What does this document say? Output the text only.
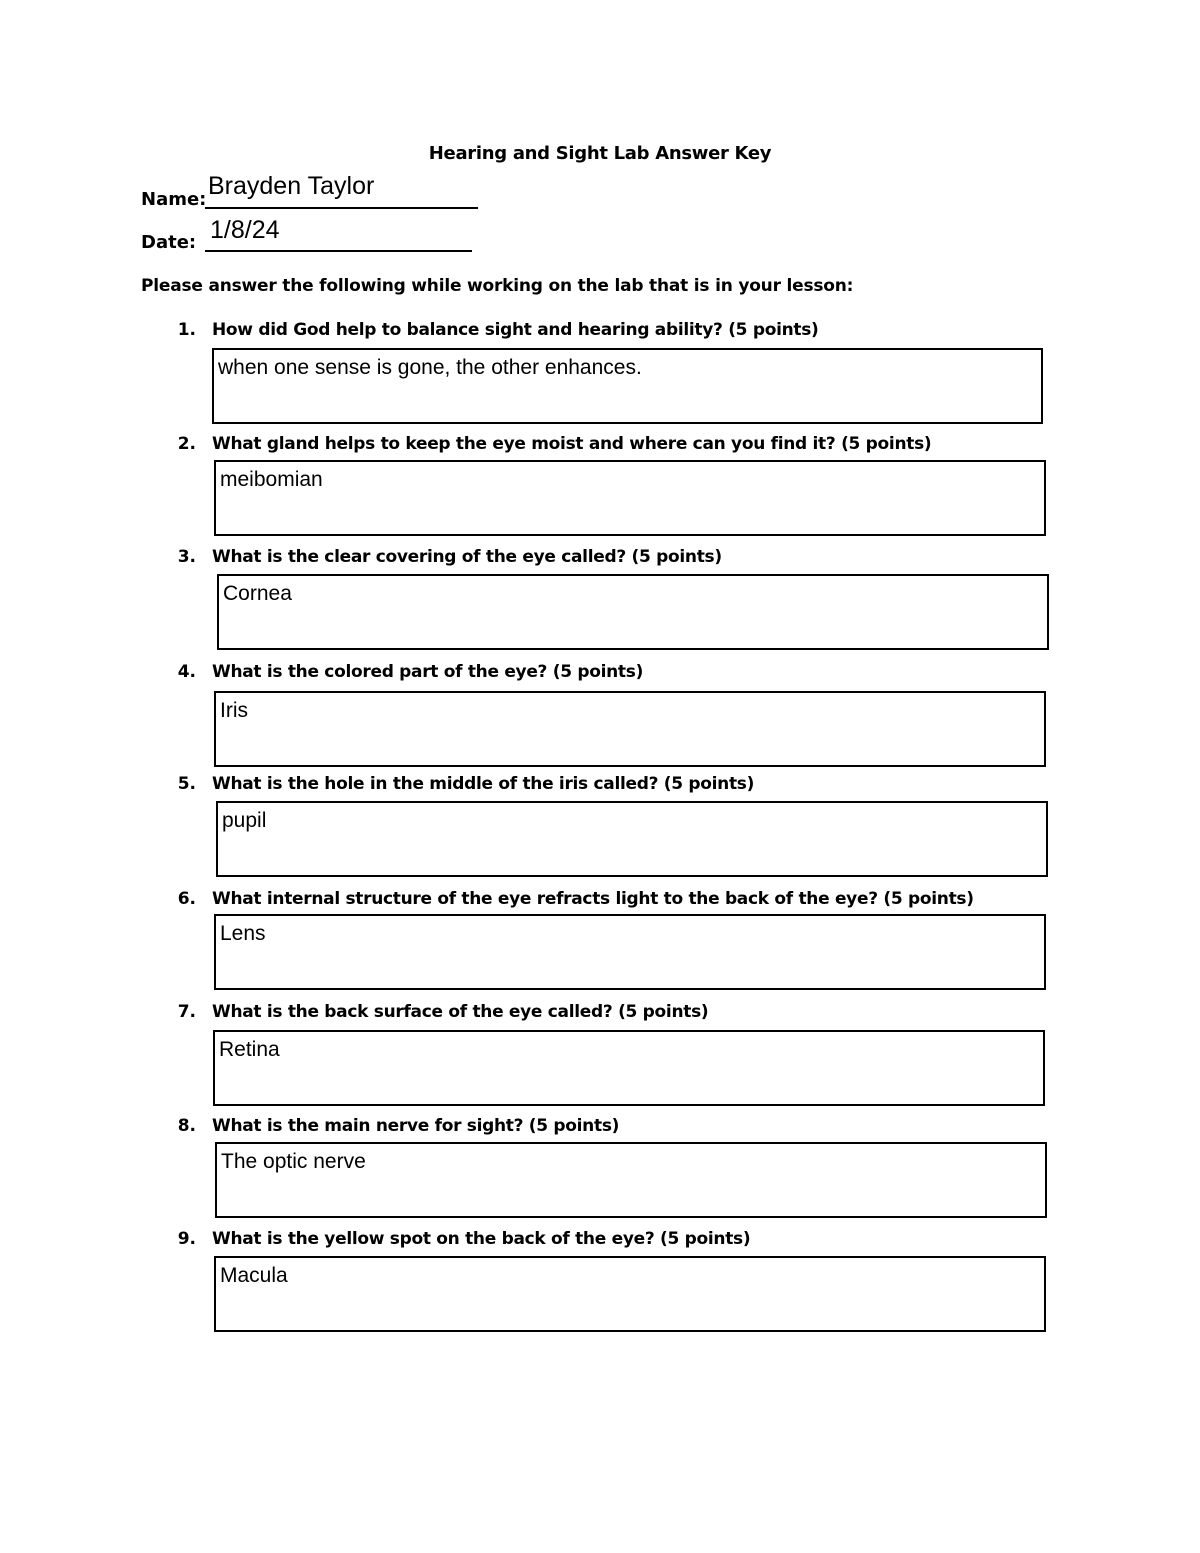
Hearing and Sight Lab Answer Key
Name: Brayden Taylor
Date: 1/8/24
Please answer the following while working on the lab that is in your lesson:
1. How did God help to balance sight and hearing ability? (5 points)
when one sense is gone, the other enhances.
2. What gland helps to keep the eye moist and where can you find it? (5 points)
meibomian
3. What is the clear covering of the eye called? (5 points)
Cornea
4. What is the colored part of the eye? (5 points)
Iris
5. What is the hole in the middle of the iris called? (5 points)
pupil
6. What internal structure of the eye refracts light to the back of the eye? (5 points)
Lens
7. What is the back surface of the eye called? (5 points)
Retina
8. What is the main nerve for sight? (5 points)
The optic nerve
9. What is the yellow spot on the back of the eye? (5 points)
Macula
